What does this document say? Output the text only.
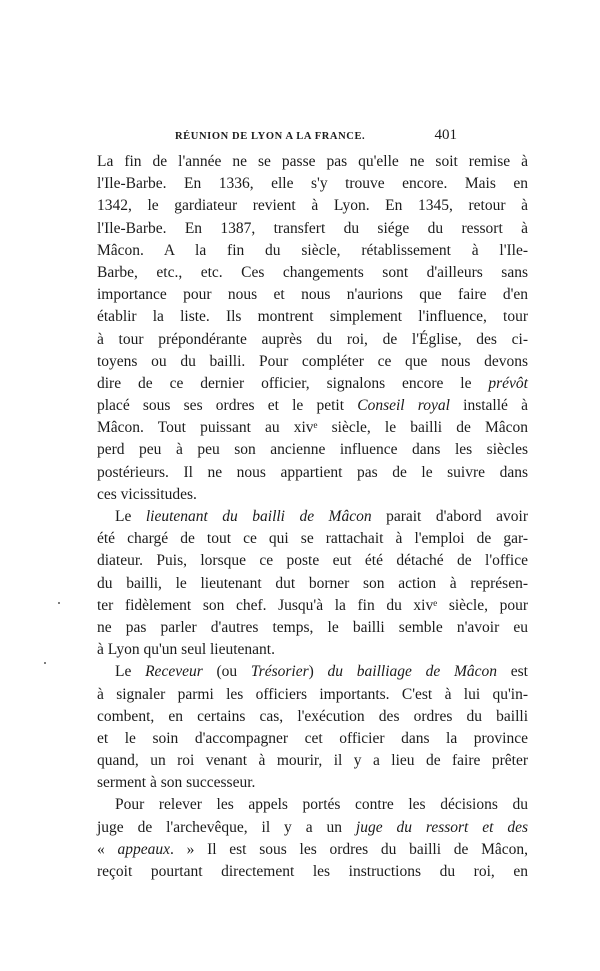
RÉUNION DE LYON A LA FRANCE.	401
La fin de l'année ne se passe pas qu'elle ne soit remise à
l'Ile-Barbe. En 1336, elle s'y trouve encore. Mais en
1342, le gardiateur revient à Lyon. En 1345, retour à
l'Ile-Barbe. En 1387, transfert du siége du ressort à
Mâcon. A la fin du siècle, rétablissement à l'Ile-
Barbe, etc., etc. Ces changements sont d'ailleurs sans
importance pour nous et nous n'aurions que faire d'en
établir la liste. Ils montrent simplement l'influence, tour
à tour prépondérante auprès du roi, de l'Église, des ci-
toyens ou du bailli. Pour compléter ce que nous devons
dire de ce dernier officier, signalons encore le prévôt
placé sous ses ordres et le petit Conseil royal installé à
Mâcon. Tout puissant au xivᵉ siècle, le bailli de Mâcon
perd peu à peu son ancienne influence dans les siècles
postérieurs. Il ne nous appartient pas de le suivre dans
ces vicissitudes.
Le lieutenant du bailli de Mâcon parait d'abord avoir
été chargé de tout ce qui se rattachait à l'emploi de gar-
diateur. Puis, lorsque ce poste eut été détaché de l'office
du bailli, le lieutenant dut borner son action à représen-
ter fidèlement son chef. Jusqu'à la fin du xivᵉ siècle, pour
ne pas parler d'autres temps, le bailli semble n'avoir eu
à Lyon qu'un seul lieutenant.
Le Receveur (ou Trésorier) du bailliage de Mâcon est
à signaler parmi les officiers importants. C'est à lui qu'in-
combent, en certains cas, l'exécution des ordres du bailli
et le soin d'accompagner cet officier dans la province
quand, un roi venant à mourir, il y a lieu de faire prêter
serment à son successeur.
Pour relever les appels portés contre les décisions du
juge de l'archevêque, il y a un juge du ressort et des
« appeaux. » Il est sous les ordres du bailli de Mâcon,
reçoit pourtant directement les instructions du roi, en
